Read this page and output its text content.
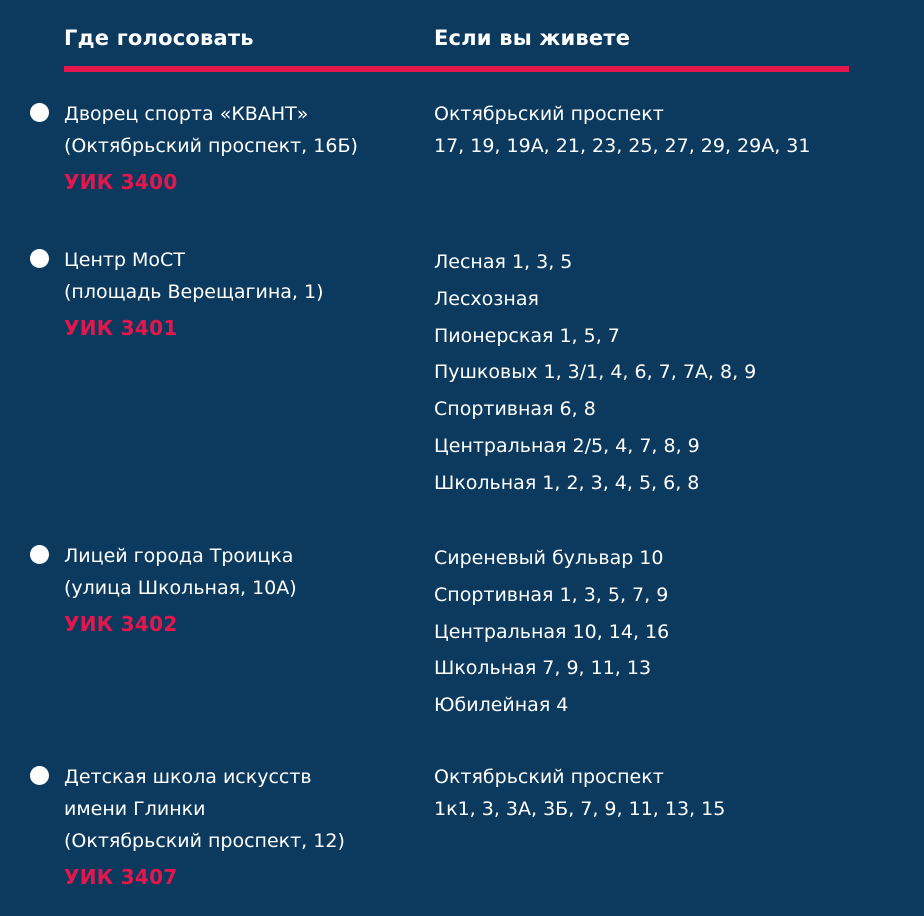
Где голосовать	Если вы живете
Дворец спорта «КВАНТ»
(Октябрьский проспект, 16Б)
УИК 3400
Октябрьский проспект
17, 19, 19А, 21, 23, 25, 27, 29, 29А, 31
Центр МоСТ
(площадь Верещагина, 1)
УИК 3401
Лесная 1, 3, 5
Лесхозная
Пионерская 1, 5, 7
Пушковых 1, 3/1, 4, 6, 7, 7А, 8, 9
Спортивная 6, 8
Центральная 2/5, 4, 7, 8, 9
Школьная 1, 2, 3, 4, 5, 6, 8
Лицей города Троицка
(улица Школьная, 10А)
УИК 3402
Сиреневый бульвар 10
Спортивная 1, 3, 5, 7, 9
Центральная 10, 14, 16
Школьная 7, 9, 11, 13
Юбилейная 4
Детская школа искусств
имени Глинки
(Октябрьский проспект, 12)
УИК 3407
Октябрьский проспект
1к1, 3, 3А, 3Б, 7, 9, 11, 13, 15
